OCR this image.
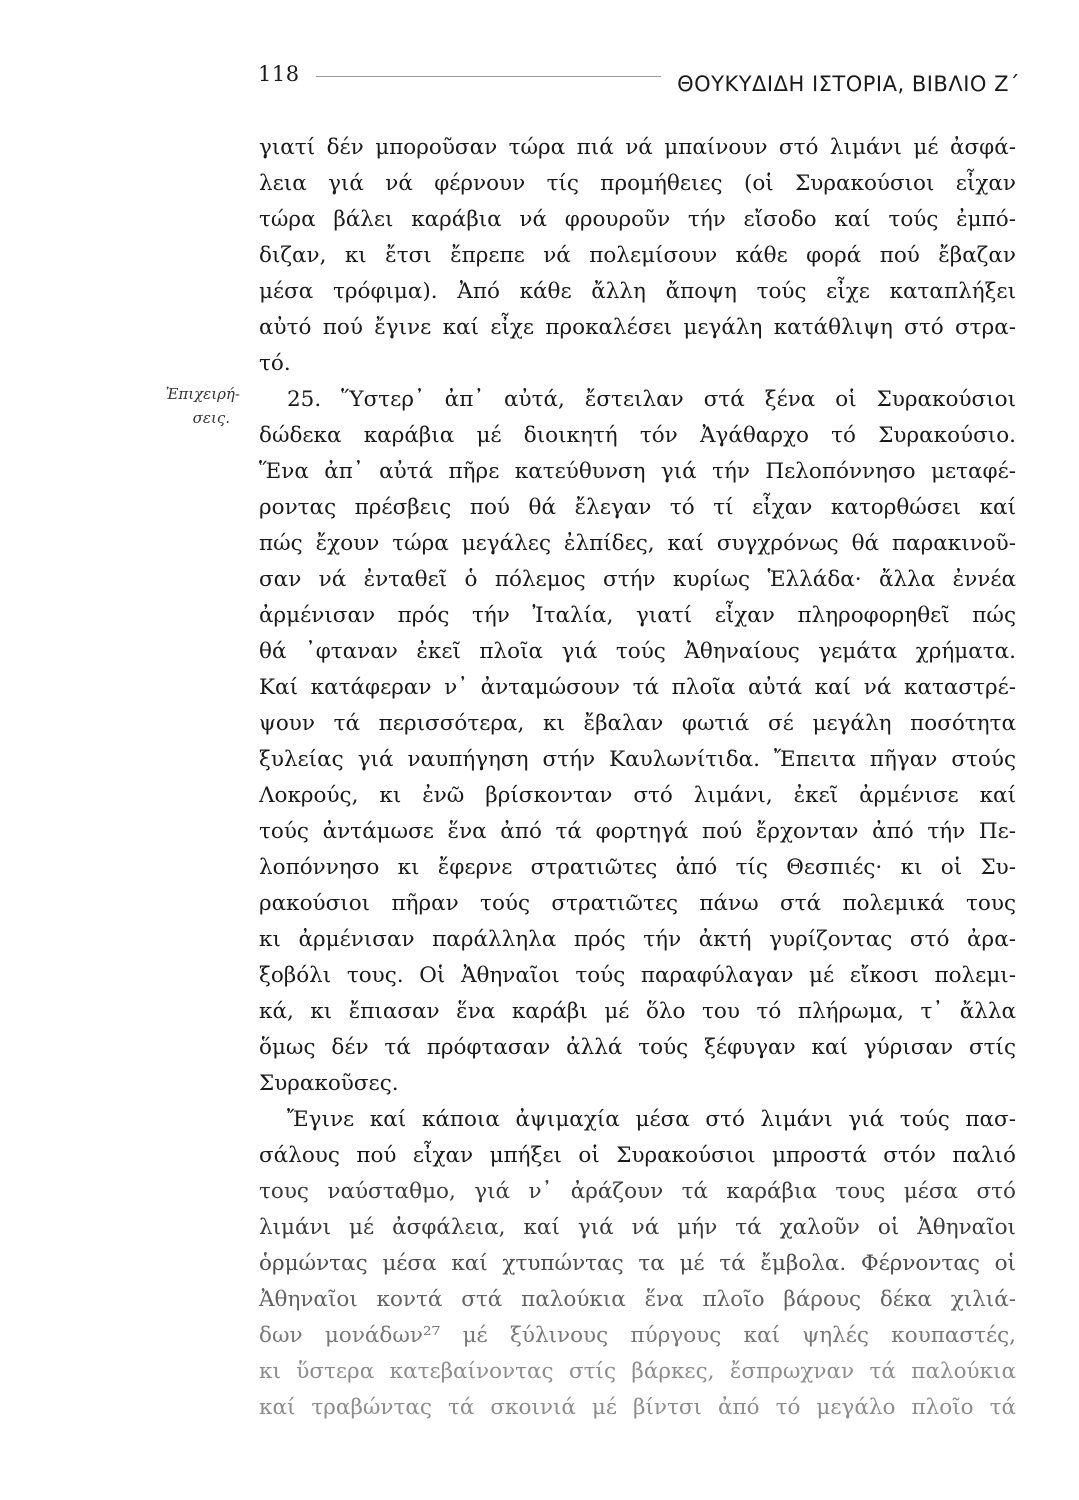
118	ΘΟΥΚΥΔΙΔΗ ΙΣΤΟΡΙΑ, ΒΙΒΛΙΟ Ζ΄
Ἐπιχειρή-
σεις.
γιατί δέν μποροῦσαν τώρα πιά νά μπαίνουν στό λιμάνι μέ ἀσφά-
λεια γιά νά φέρνουν τίς προμήθειες (οἱ Συρακούσιοι εἶχαν
τώρα βάλει καράβια νά φρουροῦν τήν εἴσοδο καί τούς ἐμπό-
διζαν, κι ἔτσι ἔπρεπε νά πολεμίσουν κάθε φορά πού ἔβαζαν
μέσα τρόφιμα). Ἀπό κάθε ἄλλη ἄποψη τούς εἶχε καταπλήξει
αὐτό πού ἔγινε καί εἶχε προκαλέσει μεγάλη κατάθλιψη στό στρα-
τό.
25. Ὕστερ᾽ ἀπ᾽ αὐτά, ἔστειλαν στά ξένα οἱ Συρακούσιοι
δώδεκα καράβια μέ διοικητή τόν Ἀγάθαρχο τό Συρακούσιο.
Ἕνα ἀπ᾽ αὐτά πῆρε κατεύθυνση γιά τήν Πελοπόννησο μεταφέ-
ροντας πρέσβεις πού θά ἔλεγαν τό τί εἶχαν κατορθώσει καί
πώς ἔχουν τώρα μεγάλες ἐλπίδες, καί συγχρόνως θά παρακινοῦ-
σαν νά ἐνταθεῖ ὁ πόλεμος στήν κυρίως Ἑλλάδα· ἄλλα ἐννέα
ἀρμένισαν πρός τήν Ἰταλία, γιατί εἶχαν πληροφορηθεῖ πώς
θά ᾽φταναν ἐκεῖ πλοῖα γιά τούς Ἀθηναίους γεμάτα χρήματα.
Καί κατάφεραν ν᾽ ἀνταμώσουν τά πλοῖα αὐτά καί νά καταστρέ-
ψουν τά περισσότερα, κι ἔβαλαν φωτιά σέ μεγάλη ποσότητα
ξυλείας γιά ναυπήγηση στήν Καυλωνίτιδα. Ἔπειτα πῆγαν στούς
Λοκρούς, κι ἐνῶ βρίσκονταν στό λιμάνι, ἐκεῖ ἀρμένισε καί
τούς ἀντάμωσε ἕνα ἀπό τά φορτηγά πού ἔρχονταν ἀπό τήν Πε-
λοπόννησο κι ἔφερνε στρατιῶτες ἀπό τίς Θεσπιές· κι οἱ Συ-
ρακούσιοι πῆραν τούς στρατιῶτες πάνω στά πολεμικά τους
κι ἀρμένισαν παράλληλα πρός τήν ἀκτή γυρίζοντας στό ἀρα-
ξοβόλι τους. Οἱ Ἀθηναῖοι τούς παραφύλαγαν μέ εἴκοσι πολεμι-
κά, κι ἔπιασαν ἕνα καράβι μέ ὅλο του τό πλήρωμα, τ᾽ ἄλλα
ὅμως δέν τά πρόφτασαν ἀλλά τούς ξέφυγαν καί γύρισαν στίς
Συρακοῦσες.
Ἔγινε καί κάποια ἀψιμαχία μέσα στό λιμάνι γιά τούς πασ-
σάλους πού εἶχαν μπήξει οἱ Συρακούσιοι μπροστά στόν παλιό
τους ναύσταθμο, γιά ν᾽ ἀράζουν τά καράβια τους μέσα στό
λιμάνι μέ ἀσφάλεια, καί γιά νά μήν τά χαλοῦν οἱ Ἀθηναῖοι
ὁρμώντας μέσα καί χτυπώντας τα μέ τά ἔμβολα. Φέρνοντας οἱ
Ἀθηναῖοι κοντά στά παλούκια ἕνα πλοῖο βάρους δέκα χιλιά-
δων μονάδων²⁷ μέ ξύλινους πύργους καί ψηλές κουπαστές,
κι ὕστερα κατεβαίνοντας στίς βάρκες, ἔσπρωχναν τά παλούκια
καί τραβώντας τά σκοινιά μέ βίντσι ἀπό τό μεγάλο πλοῖο τά
